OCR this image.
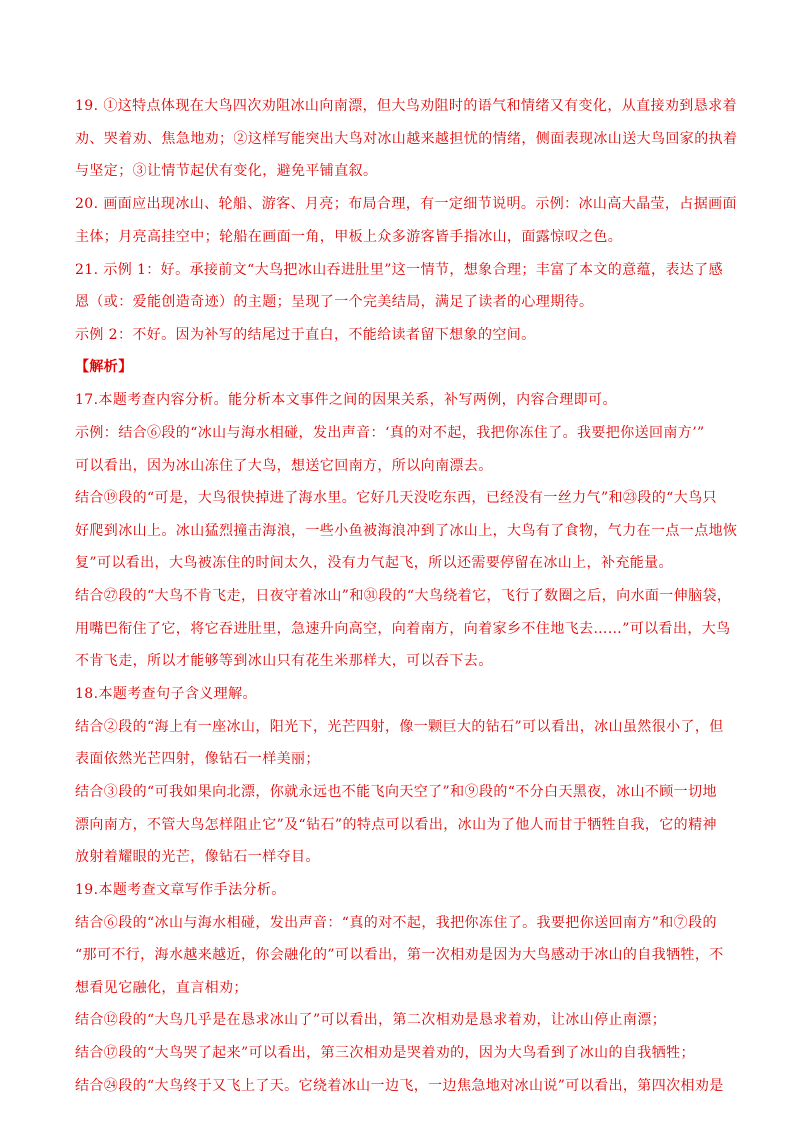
19. ①这特点体现在大鸟四次劝阻冰山向南漂，但大鸟劝阻时的语气和情绪又有变化，从直接劝到恳求着

劝、哭着劝、焦急地劝；②这样写能突出大鸟对冰山越来越担忧的情绪，侧面表现冰山送大鸟回家的执着

与坚定；③让情节起伏有变化，避免平铺直叙。

20. 画面应出现冰山、轮船、游客、月亮；布局合理，有一定细节说明。示例：冰山高大晶莹，占据画面

主体；月亮高挂空中；轮船在画面一角，甲板上众多游客皆手指冰山，面露惊叹之色。

21. 示例 1：好。承接前文“大鸟把冰山吞进肚里”这一情节，想象合理；丰富了本文的意蕴，表达了感

恩（或：爱能创造奇迹）的主题；呈现了一个完美结局，满足了读者的心理期待。

示例 2：不好。因为补写的结尾过于直白，不能给读者留下想象的空间。

【解析】

17.本题考查内容分析。能分析本文事件之间的因果关系，补写两例，内容合理即可。

示例：结合⑥段的“冰山与海水相碰，发出声音：‘真的对不起，我把你冻住了。我要把你送回南方’”

可以看出，因为冰山冻住了大鸟，想送它回南方，所以向南漂去。

结合⑲段的“可是，大鸟很快掉进了海水里。它好几天没吃东西，已经没有一丝力气”和㉓段的“大鸟只

好爬到冰山上。冰山猛烈撞击海浪，一些小鱼被海浪冲到了冰山上，大鸟有了食物，气力在一点一点地恢

复”可以看出，大鸟被冻住的时间太久，没有力气起飞，所以还需要停留在冰山上，补充能量。

结合㉗段的“大鸟不肯飞走，日夜守着冰山”和㉛段的“大鸟绕着它，飞行了数圈之后，向水面一伸脑袋，

用嘴巴衔住了它，将它吞进肚里，急速升向高空，向着南方，向着家乡不住地飞去……”可以看出，大鸟

不肯飞走，所以才能够等到冰山只有花生米那样大，可以吞下去。

18.本题考查句子含义理解。

结合②段的“海上有一座冰山，阳光下，光芒四射，像一颗巨大的钻石”可以看出，冰山虽然很小了，但

表面依然光芒四射，像钻石一样美丽；

结合③段的“可我如果向北漂，你就永远也不能飞向天空了”和⑨段的“不分白天黑夜，冰山不顾一切地

漂向南方，不管大鸟怎样阻止它”及“钻石”的特点可以看出，冰山为了他人而甘于牺牲自我，它的精神

放射着耀眼的光芒，像钻石一样夺目。

19.本题考查文章写作手法分析。

结合⑥段的“冰山与海水相碰，发出声音：“真的对不起，我把你冻住了。我要把你送回南方”和⑦段的

“那可不行，海水越来越近，你会融化的”可以看出，第一次相劝是因为大鸟感动于冰山的自我牺牲，不

想看见它融化，直言相劝；

结合⑫段的“大鸟几乎是在恳求冰山了”可以看出，第二次相劝是恳求着劝，让冰山停止南漂；

结合⑰段的“大鸟哭了起来”可以看出，第三次相劝是哭着劝的，因为大鸟看到了冰山的自我牺牲；

结合㉔段的“大鸟终于又飞上了天。它绕着冰山一边飞，一边焦急地对冰山说”可以看出，第四次相劝是
